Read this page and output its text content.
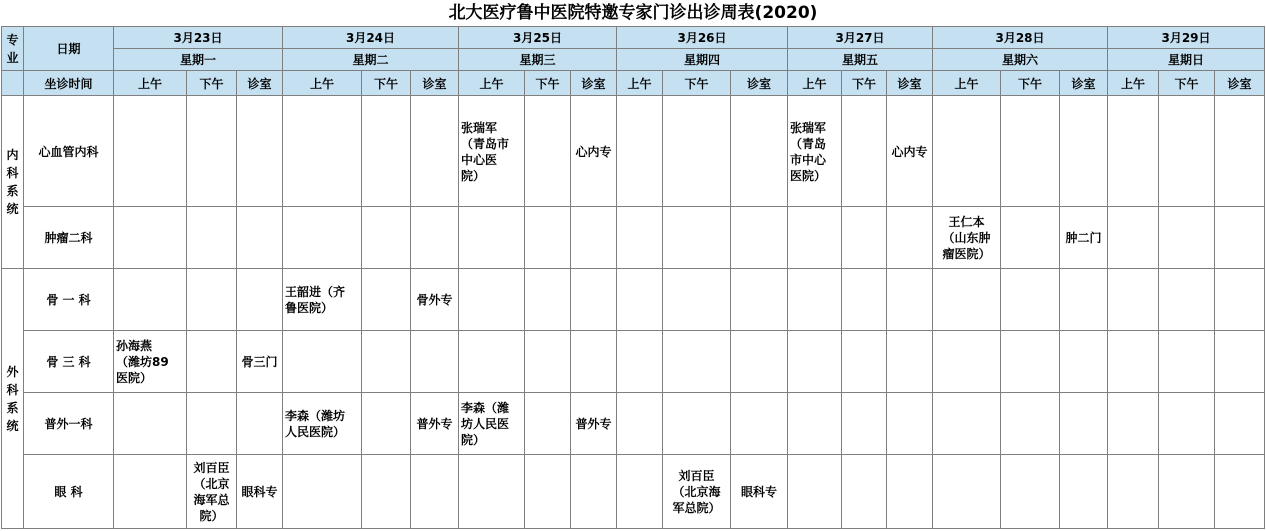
北大医疗鲁中医院特邀专家门诊出诊周表(2020)
专
业	日期	3月23日			3月24日			3月25日			3月26日			3月27日			3月28日			3月29日		
		星期一			星期二			星期三			星期四			星期五			星期六			星期日		
	坐诊时间	上午	下午	诊室	上午	下午	诊室	上午	下午	诊室	上午	下午	诊室	上午	下午	诊室	上午	下午	诊室	上午	下午	诊室
内
科
系
统	心血管内科							张瑞军
（青岛市
中心医
院）		心内专				张瑞军
（青岛
市中心
医院）		心内专						
	肿瘤二科																王仁本
（山东肿
瘤医院）		肿二门			
外
科
系
统	骨 一 科				王韶进（齐
鲁医院）		骨外专															
	骨 三 科	孙海燕
（潍坊89
医院）		骨三门																		
	普外一科				李森（潍坊
人民医院）		普外专	李森（潍
坊人民医
院）		普外专												
	眼 科		刘百臣
（北京
海军总
院）	眼科专								刘百臣
（北京海
军总院）	眼科专									
